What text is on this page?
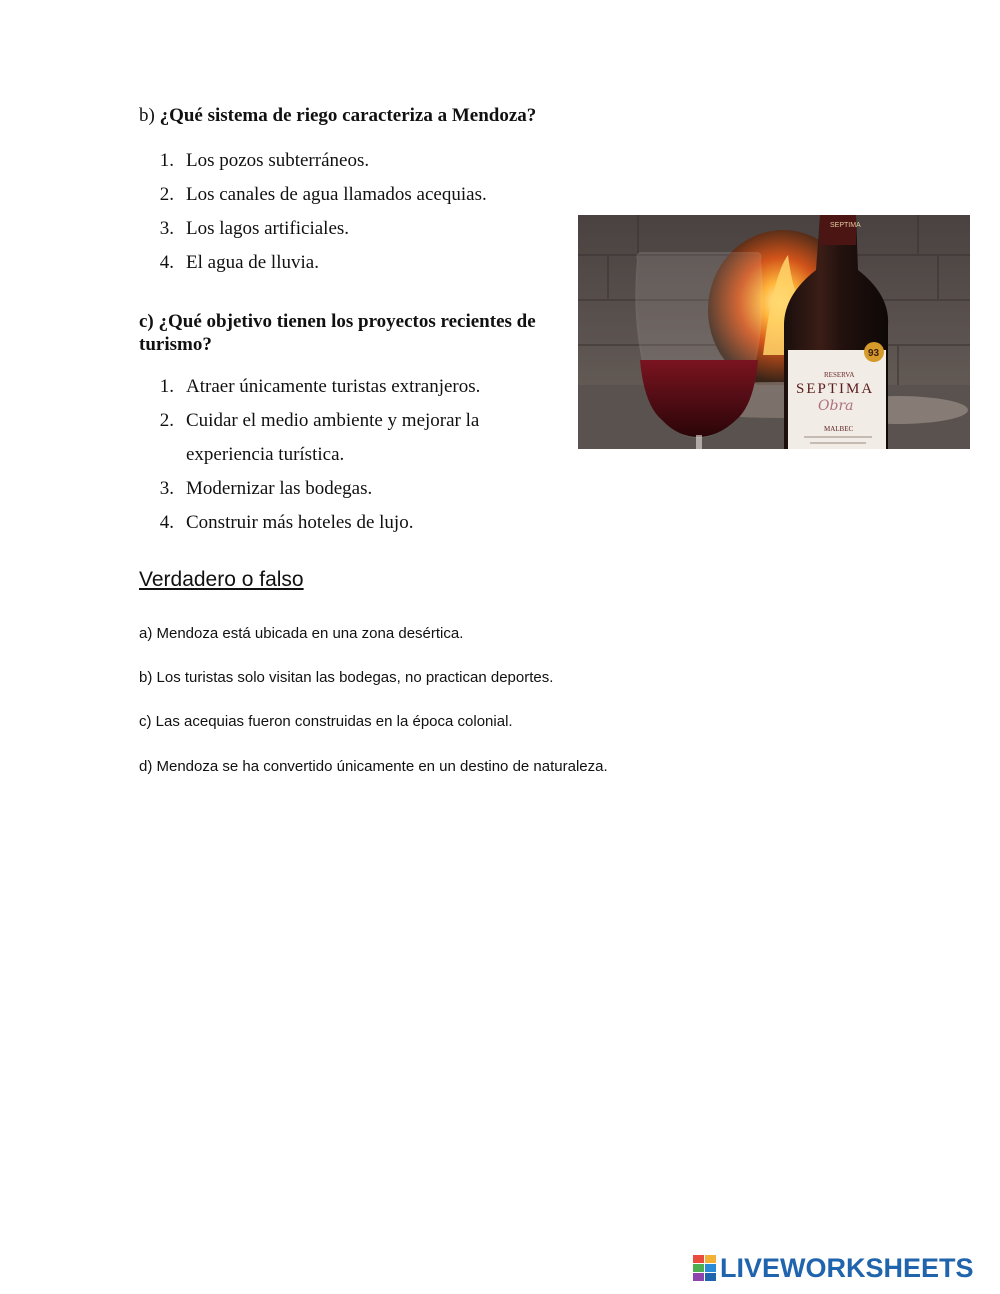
b) ¿Qué sistema de riego caracteriza a Mendoza?
1. Los pozos subterráneos.
2. Los canales de agua llamados acequias.
3. Los lagos artificiales.
4. El agua de lluvia.
c) ¿Qué objetivo tienen los proyectos recientes de
turismo?
1. Atraer únicamente turistas extranjeros.
2. Cuidar el medio ambiente y mejorar la
experiencia turística.
3. Modernizar las bodegas.
4. Construir más hoteles de lujo.
SEPTIMA
93
RESERVA
SEPTIMA
Obra
MALBEC
Verdadero o falso
a) Mendoza está ubicada en una zona desértica.
b) Los turistas solo visitan las bodegas, no practican deportes.
c) Las acequias fueron construidas en la época colonial.
d) Mendoza se ha convertido únicamente en un destino de naturaleza.
LIVEWORKSHEETS
